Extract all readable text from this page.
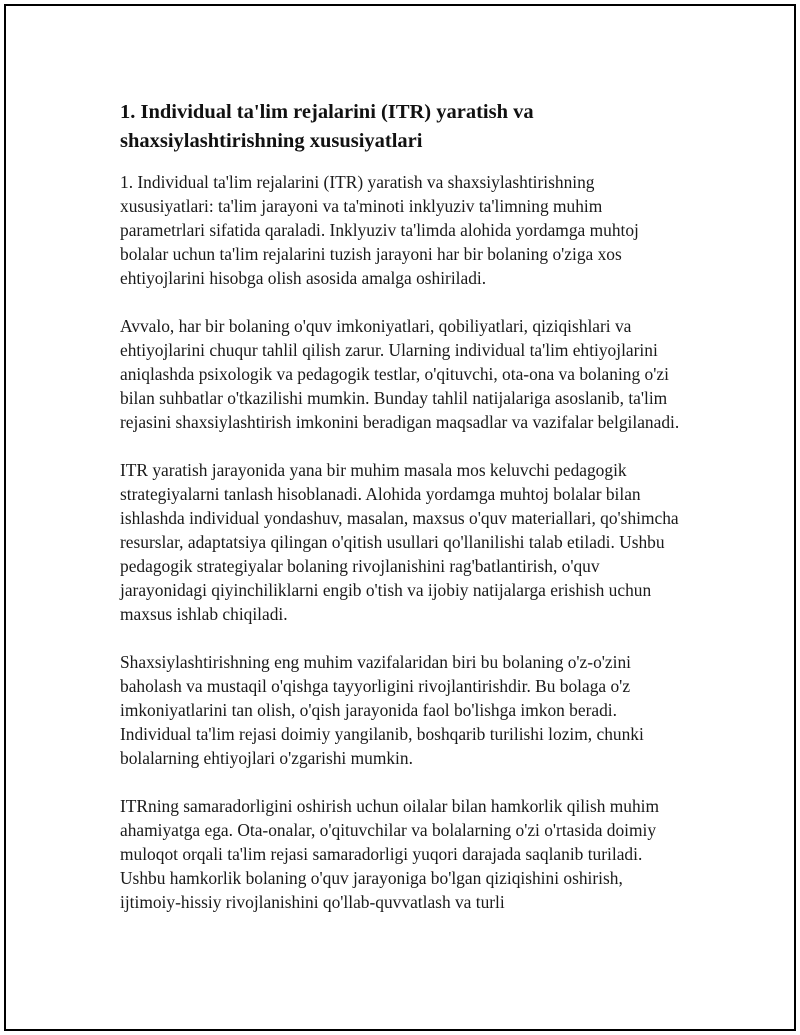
1. Individual ta'lim rejalarini (ITR) yaratish va shaxsiylashtirishning xususiyatlari

1. Individual ta'lim rejalarini (ITR) yaratish va shaxsiylashtirishning xususiyatlari: ta'lim jarayoni va ta'minoti inklyuziv ta'limning muhim parametrlari sifatida qaraladi. Inklyuziv ta'limda alohida yordamga muhtoj bolalar uchun ta'lim rejalarini tuzish jarayoni har bir bolaning o'ziga xos ehtiyojlarini hisobga olish asosida amalga oshiriladi.

Avvalo, har bir bolaning o'quv imkoniyatlari, qobiliyatlari, qiziqishlari va ehtiyojlarini chuqur tahlil qilish zarur. Ularning individual ta'lim ehtiyojlarini aniqlashda psixologik va pedagogik testlar, o'qituvchi, ota-ona va bolaning o'zi bilan suhbatlar o'tkazilishi mumkin. Bunday tahlil natijalariga asoslanib, ta'lim rejasini shaxsiylashtirish imkonini beradigan maqsadlar va vazifalar belgilanadi.

ITR yaratish jarayonida yana bir muhim masala mos keluvchi pedagogik strategiyalarni tanlash hisoblanadi. Alohida yordamga muhtoj bolalar bilan ishlashda individual yondashuv, masalan, maxsus o'quv materiallari, qo'shimcha resurslar, adaptatsiya qilingan o'qitish usullari qo'llanilishi talab etiladi. Ushbu pedagogik strategiyalar bolaning rivojlanishini rag'batlantirish, o'quv jarayonidagi qiyinchiliklarni engib o'tish va ijobiy natijalarga erishish uchun maxsus ishlab chiqiladi.

Shaxsiylashtirishning eng muhim vazifalaridan biri bu bolaning o'z-o'zini baholash va mustaqil o'qishga tayyorligini rivojlantirishdir. Bu bolaga o'z imkoniyatlarini tan olish, o'qish jarayonida faol bo'lishga imkon beradi. Individual ta'lim rejasi doimiy yangilanib, boshqarib turilishi lozim, chunki bolalarning ehtiyojlari o'zgarishi mumkin.

ITRning samaradorligini oshirish uchun oilalar bilan hamkorlik qilish muhim ahamiyatga ega. Ota-onalar, o'qituvchilar va bolalarning o'zi o'rtasida doimiy muloqot orqali ta'lim rejasi samaradorligi yuqori darajada saqlanib turiladi. Ushbu hamkorlik bolaning o'quv jarayoniga bo'lgan qiziqishini oshirish, ijtimoiy-hissiy rivojlanishini qo'llab-quvvatlash va turli
